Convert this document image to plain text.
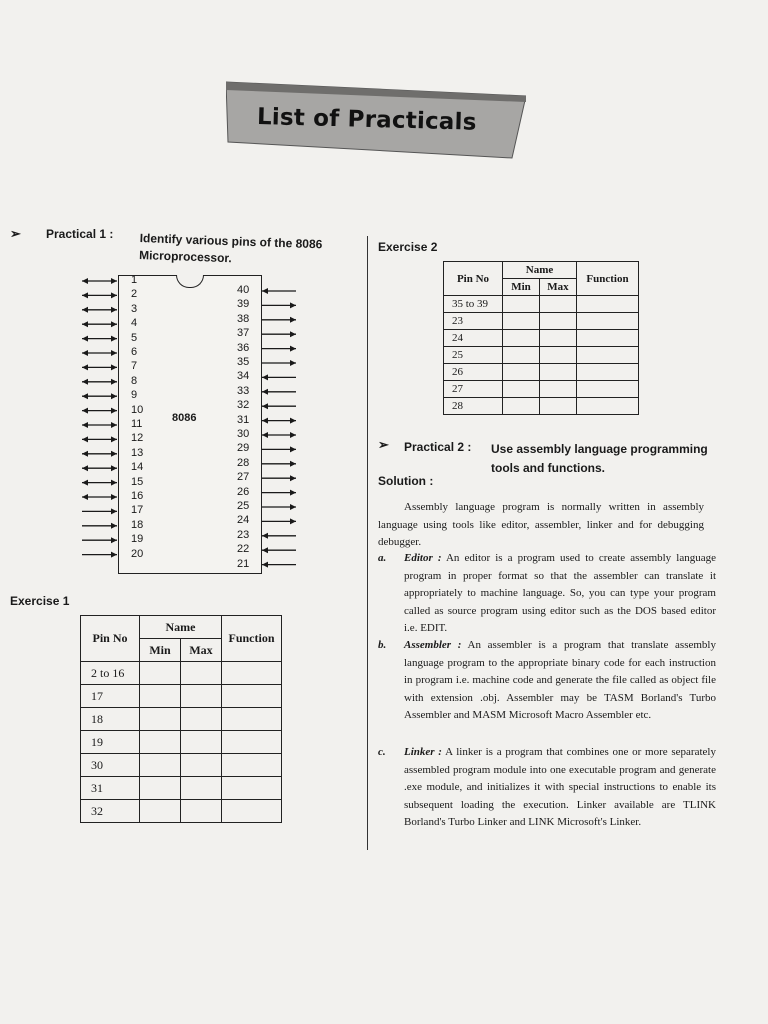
List of Practicals
➢ Practical 1 : Identify various pins of the 8086 Microprocessor.
8086
1
2
3
4
5
6
7
8
9
10
11
12
13
14
15
16
17
18
19
20
40
39
38
37
36
35
34
33
32
31
30
29
28
27
26
25
24
23
22
21
Exercise 1
Pin No	Name		Function
	Min	Max	
2 to 16			
17			
18			
19			
30			
31			
32			
Exercise 2
Pin No	Name		Function
	Min	Max	
35 to 39			
23			
24			
25			
26			
27			
28			
➢ Practical 2 : Use assembly language programming tools and functions.
Solution :
Assembly language program is normally written in assembly language using tools like editor, assembler, linker and for debugging debugger.
a. Editor : An editor is a program used to create assembly language program in proper format so that the assembler can translate it appropriately to machine language. So, you can type your program called as source program using editor such as the DOS based editor i.e. EDIT.
b. Assembler : An assembler is a program that translate assembly language program to the appropriate binary code for each instruction in program i.e. machine code and generate the file called as object file with extension .obj. Assembler may be TASM Borland's Turbo Assembler and MASM Microsoft Macro Assembler etc.
c. Linker : A linker is a program that combines one or more separately assembled program module into one executable program and generate .exe module, and initializes it with special instructions to enable its subsequent loading the execution. Linker available are TLINK Borland's Turbo Linker and LINK Microsoft's Linker.
